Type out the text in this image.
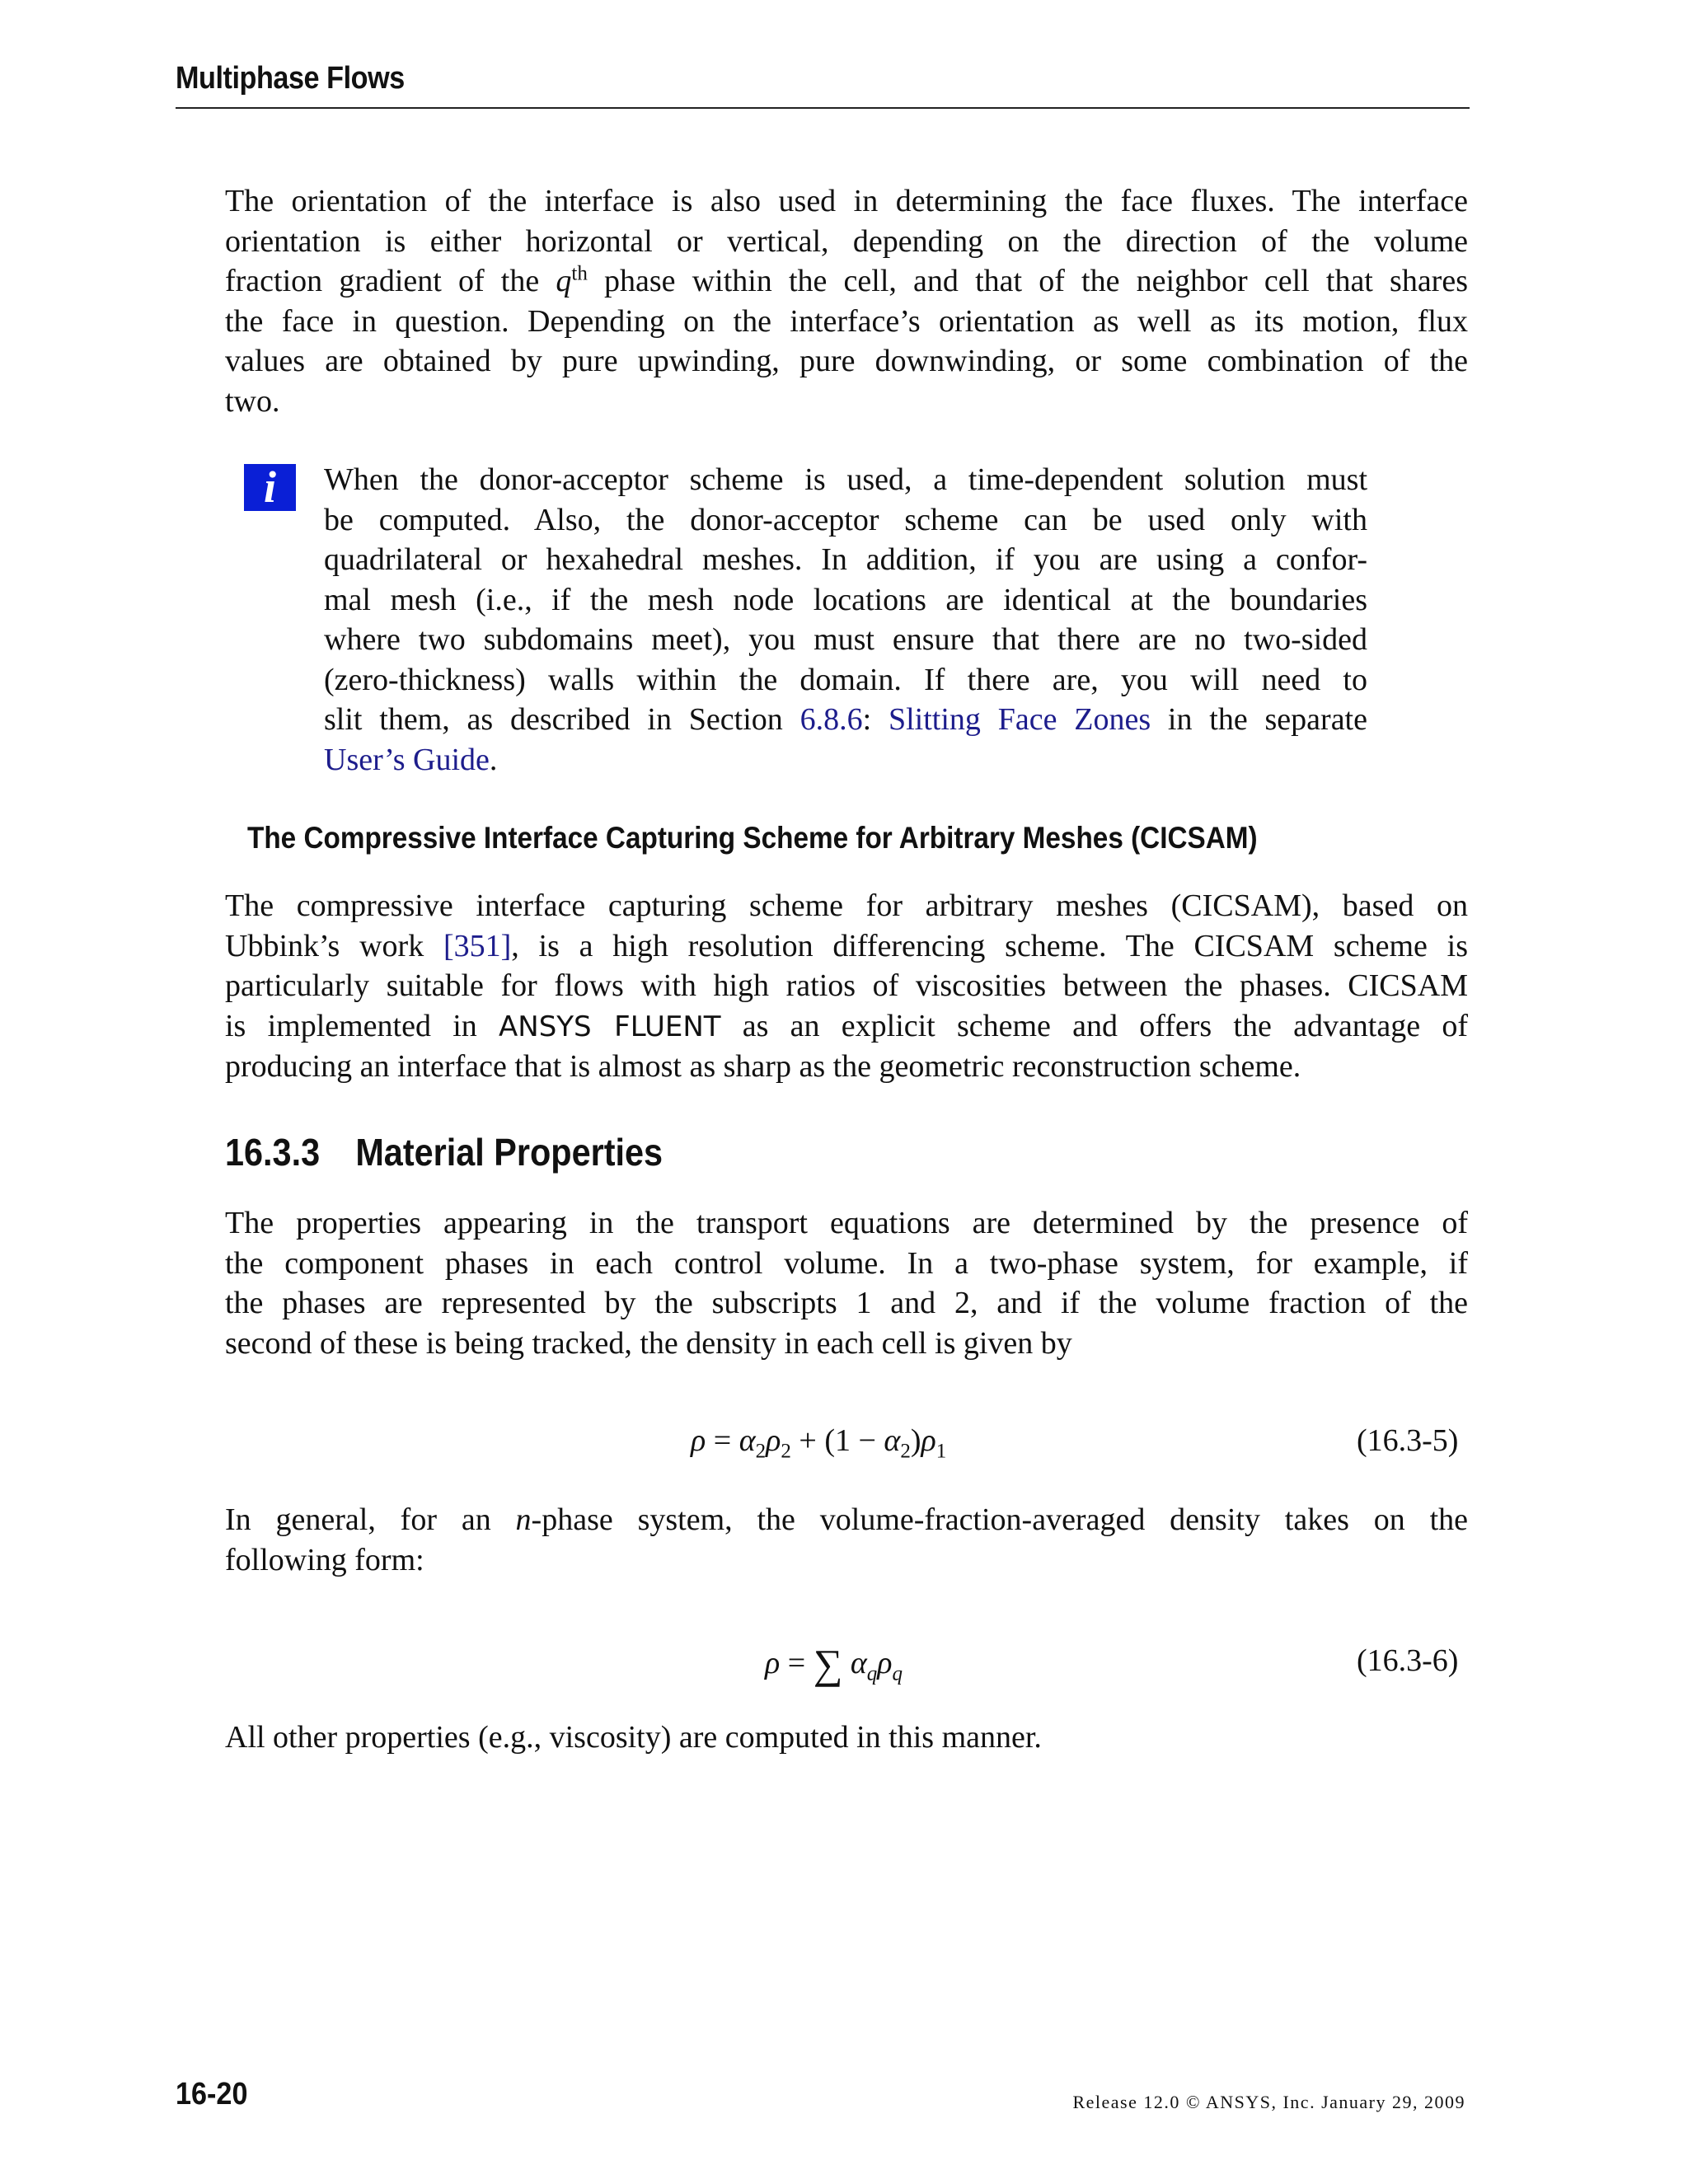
Multiphase Flows
The orientation of the interface is also used in determining the face fluxes. The interface
orientation is either horizontal or vertical, depending on the direction of the volume
fraction gradient of the $q^{th}$ phase within the cell, and that of the neighbor cell that shares
the face in question. Depending on the interface’s orientation as well as its motion, flux
values are obtained by pure upwinding, pure downwinding, or some combination of the
two.
i	When the donor-acceptor scheme is used, a time-dependent solution must
be computed. Also, the donor-acceptor scheme can be used only with
quadrilateral or hexahedral meshes. In addition, if you are using a confor-
mal mesh (i.e., if the mesh node locations are identical at the boundaries
where two subdomains meet), you must ensure that there are no two-sided
(zero-thickness) walls within the domain. If there are, you will need to
slit them, as described in Section 6.8.6: Slitting Face Zones in the separate
User’s Guide.
The Compressive Interface Capturing Scheme for Arbitrary Meshes (CICSAM)
The compressive interface capturing scheme for arbitrary meshes (CICSAM), based on
Ubbink’s work [351], is a high resolution differencing scheme. The CICSAM scheme is
particularly suitable for flows with high ratios of viscosities between the phases. CICSAM
is implemented in ANSYS FLUENT as an explicit scheme and offers the advantage of
producing an interface that is almost as sharp as the geometric reconstruction scheme.
16.3.3 Material Properties
The properties appearing in the transport equations are determined by the presence of
the component phases in each control volume. In a two-phase system, for example, if
the phases are represented by the subscripts 1 and 2, and if the volume fraction of the
second of these is being tracked, the density in each cell is given by
$\rho = \alpha_2\rho_2 + (1 - \alpha_2)\rho_1$	(16.3-5)
In general, for an n-phase system, the volume-fraction-averaged density takes on the
following form:
ρ = ∑ $\alpha_q\rho_q$	(16.3-6)
All other properties (e.g., viscosity) are computed in this manner.
16-20	Release 12.0 © ANSYS, Inc. January 29, 2009
